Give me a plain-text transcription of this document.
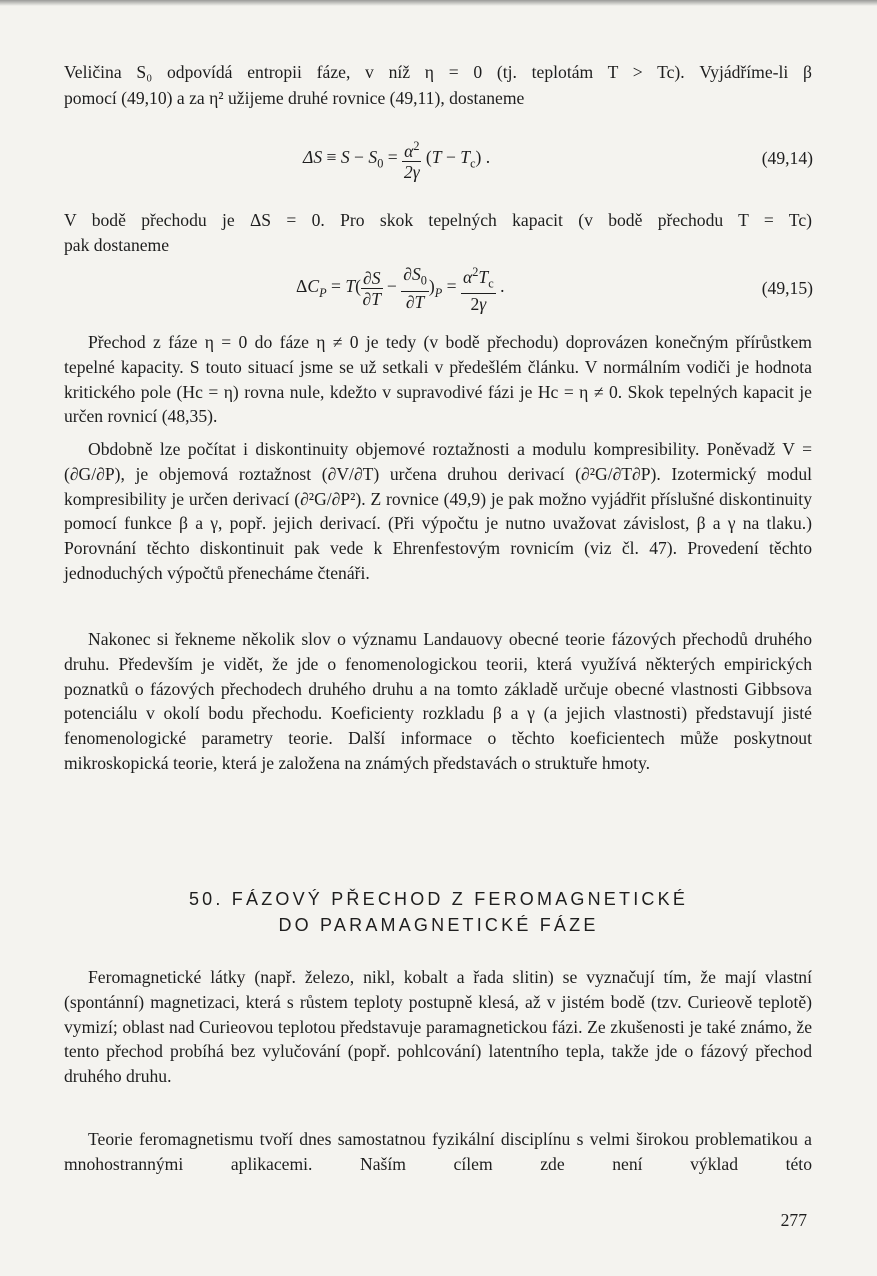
Veličina S₀ odpovídá entropii fáze, v níž η = 0 (tj. teplotám T > Tc). Vyjádříme-li β

pomocí (49,10) a za η² užijeme druhé rovnice (49,11), dostaneme

$\Delta S \equiv S - S_0 = \frac{\alpha^2}{2\gamma} (T - T_c)$ .	(49,14)

V bodě přechodu je ΔS = 0. Pro skok tepelných kapacit (v bodě přechodu T = Tc)

pak dostaneme

$\Delta C_P = T( \frac{\partial S}{\partial T} - \frac{\partial S_0}{\partial T} )_P = \frac{\alpha^2T_c}{2\gamma}$ .	(49,15)

Přechod z fáze η = 0 do fáze η ≠ 0 je tedy (v bodě přechodu) doprovázen konečným přírůstkem tepelné kapacity. S touto situací jsme se už setkali v předešlém článku. V normálním vodiči je hodnota kritického pole (Hc = η) rovna nule, kdežto v supravodivé fázi je Hc = η ≠ 0. Skok tepelných kapacit je určen rovnicí (48,35).

Obdobně lze počítat i diskontinuity objemové roztažnosti a modulu kompresibility. Poněvadž V = (∂G/∂P), je objemová roztažnost (∂V/∂T) určena druhou derivací (∂²G/∂T∂P). Izotermický modul kompresibility je určen derivací (∂²G/∂P²). Z rovnice (49,9) je pak možno vyjádřit příslušné diskontinuity pomocí funkce β a γ, popř. jejich derivací. (Při výpočtu je nutno uvažovat závislost, β a γ na tlaku.) Porovnání těchto diskontinuit pak vede k Ehrenfestovým rovnicím (viz čl. 47). Provedení těchto jednoduchých výpočtů přenecháme čtenáři.

Nakonec si řekneme několik slov o významu Landauovy obecné teorie fázových přechodů druhého druhu. Především je vidět, že jde o fenomenologickou teorii, která využívá některých empirických poznatků o fázových přechodech druhého druhu a na tomto základě určuje obecné vlastnosti Gibbsova potenciálu v okolí bodu přechodu. Koeficienty rozkladu β a γ (a jejich vlastnosti) představují jisté fenomenologické parametry teorie. Další informace o těchto koeficientech může poskytnout mikroskopická teorie, která je založena na známých představách o struktuře hmoty.

50. FÁZOVÝ PŘECHOD Z FEROMAGNETICKÉ
DO PARAMAGNETICKÉ FÁZE

Feromagnetické látky (např. železo, nikl, kobalt a řada slitin) se vyznačují tím, že mají vlastní (spontánní) magnetizaci, která s růstem teploty postupně klesá, až v jistém bodě (tzv. Curieově teplotě) vymizí; oblast nad Curieovou teplotou představuje paramagnetickou fázi. Ze zkušenosti je také známo, že tento přechod probíhá bez vylučování (popř. pohlcování) latentního tepla, takže jde o fázový přechod druhého druhu.

Teorie feromagnetismu tvoří dnes samostatnou fyzikální disciplínu s velmi širokou problematikou a mnohostrannými aplikacemi. Naším cílem zde není výklad této

277
